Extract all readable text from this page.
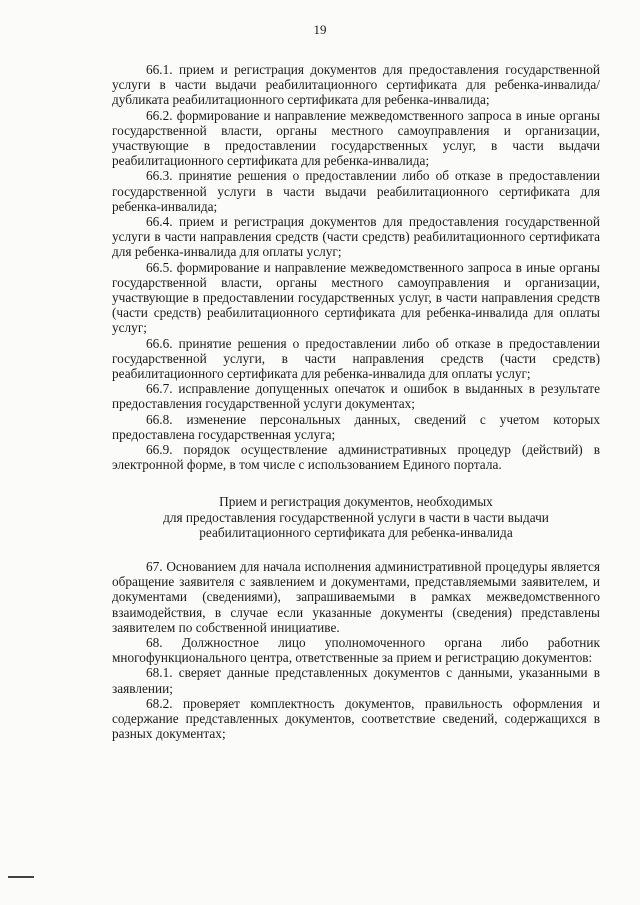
19

66.1. прием и регистрация документов для предоставления государственной услуги в части выдачи реабилитационного сертификата для ребенка-инвалида/дубликата реабилитационного сертификата для ребенка-инвалида;

66.2. формирование и направление межведомственного запроса в иные органы государственной власти, органы местного самоуправления и организации, участвующие в предоставлении государственных услуг, в части выдачи реабилитационного сертификата для ребенка-инвалида;

66.3. принятие решения о предоставлении либо об отказе в предоставлении государственной услуги в части выдачи реабилитационного сертификата для ребенка-инвалида;

66.4. прием и регистрация документов для предоставления государственной услуги в части направления средств (части средств) реабилитационного сертификата для ребенка-инвалида для оплаты услуг;

66.5. формирование и направление межведомственного запроса в иные органы государственной власти, органы местного самоуправления и организации, участвующие в предоставлении государственных услуг, в части направления средств (части средств) реабилитационного сертификата для ребенка-инвалида для оплаты услуг;

66.6. принятие решения о предоставлении либо об отказе в предоставлении государственной услуги, в части направления средств (части средств) реабилитационного сертификата для ребенка-инвалида для оплаты услуг;

66.7. исправление допущенных опечаток и ошибок в выданных в результате предоставления государственной услуги документах;

66.8. изменение персональных данных, сведений с учетом которых предоставлена государственная услуга;

66.9. порядок осуществление административных процедур (действий) в электронной форме, в том числе с использованием Единого портала.

Прием и регистрация документов, необходимых
для предоставления государственной услуги в части в части выдачи
реабилитационного сертификата для ребенка-инвалида

67. Основанием для начала исполнения административной процедуры является обращение заявителя с заявлением и документами, представляемыми заявителем, и документами (сведениями), запрашиваемыми в рамках межведомственного взаимодействия, в случае если указанные документы (сведения) представлены заявителем по собственной инициативе.

68. Должностное лицо уполномоченного органа либо работник многофункционального центра, ответственные за прием и регистрацию документов:

68.1. сверяет данные представленных документов с данными, указанными в заявлении;

68.2. проверяет комплектность документов, правильность оформления и содержание представленных документов, соответствие сведений, содержащихся в разных документах;
